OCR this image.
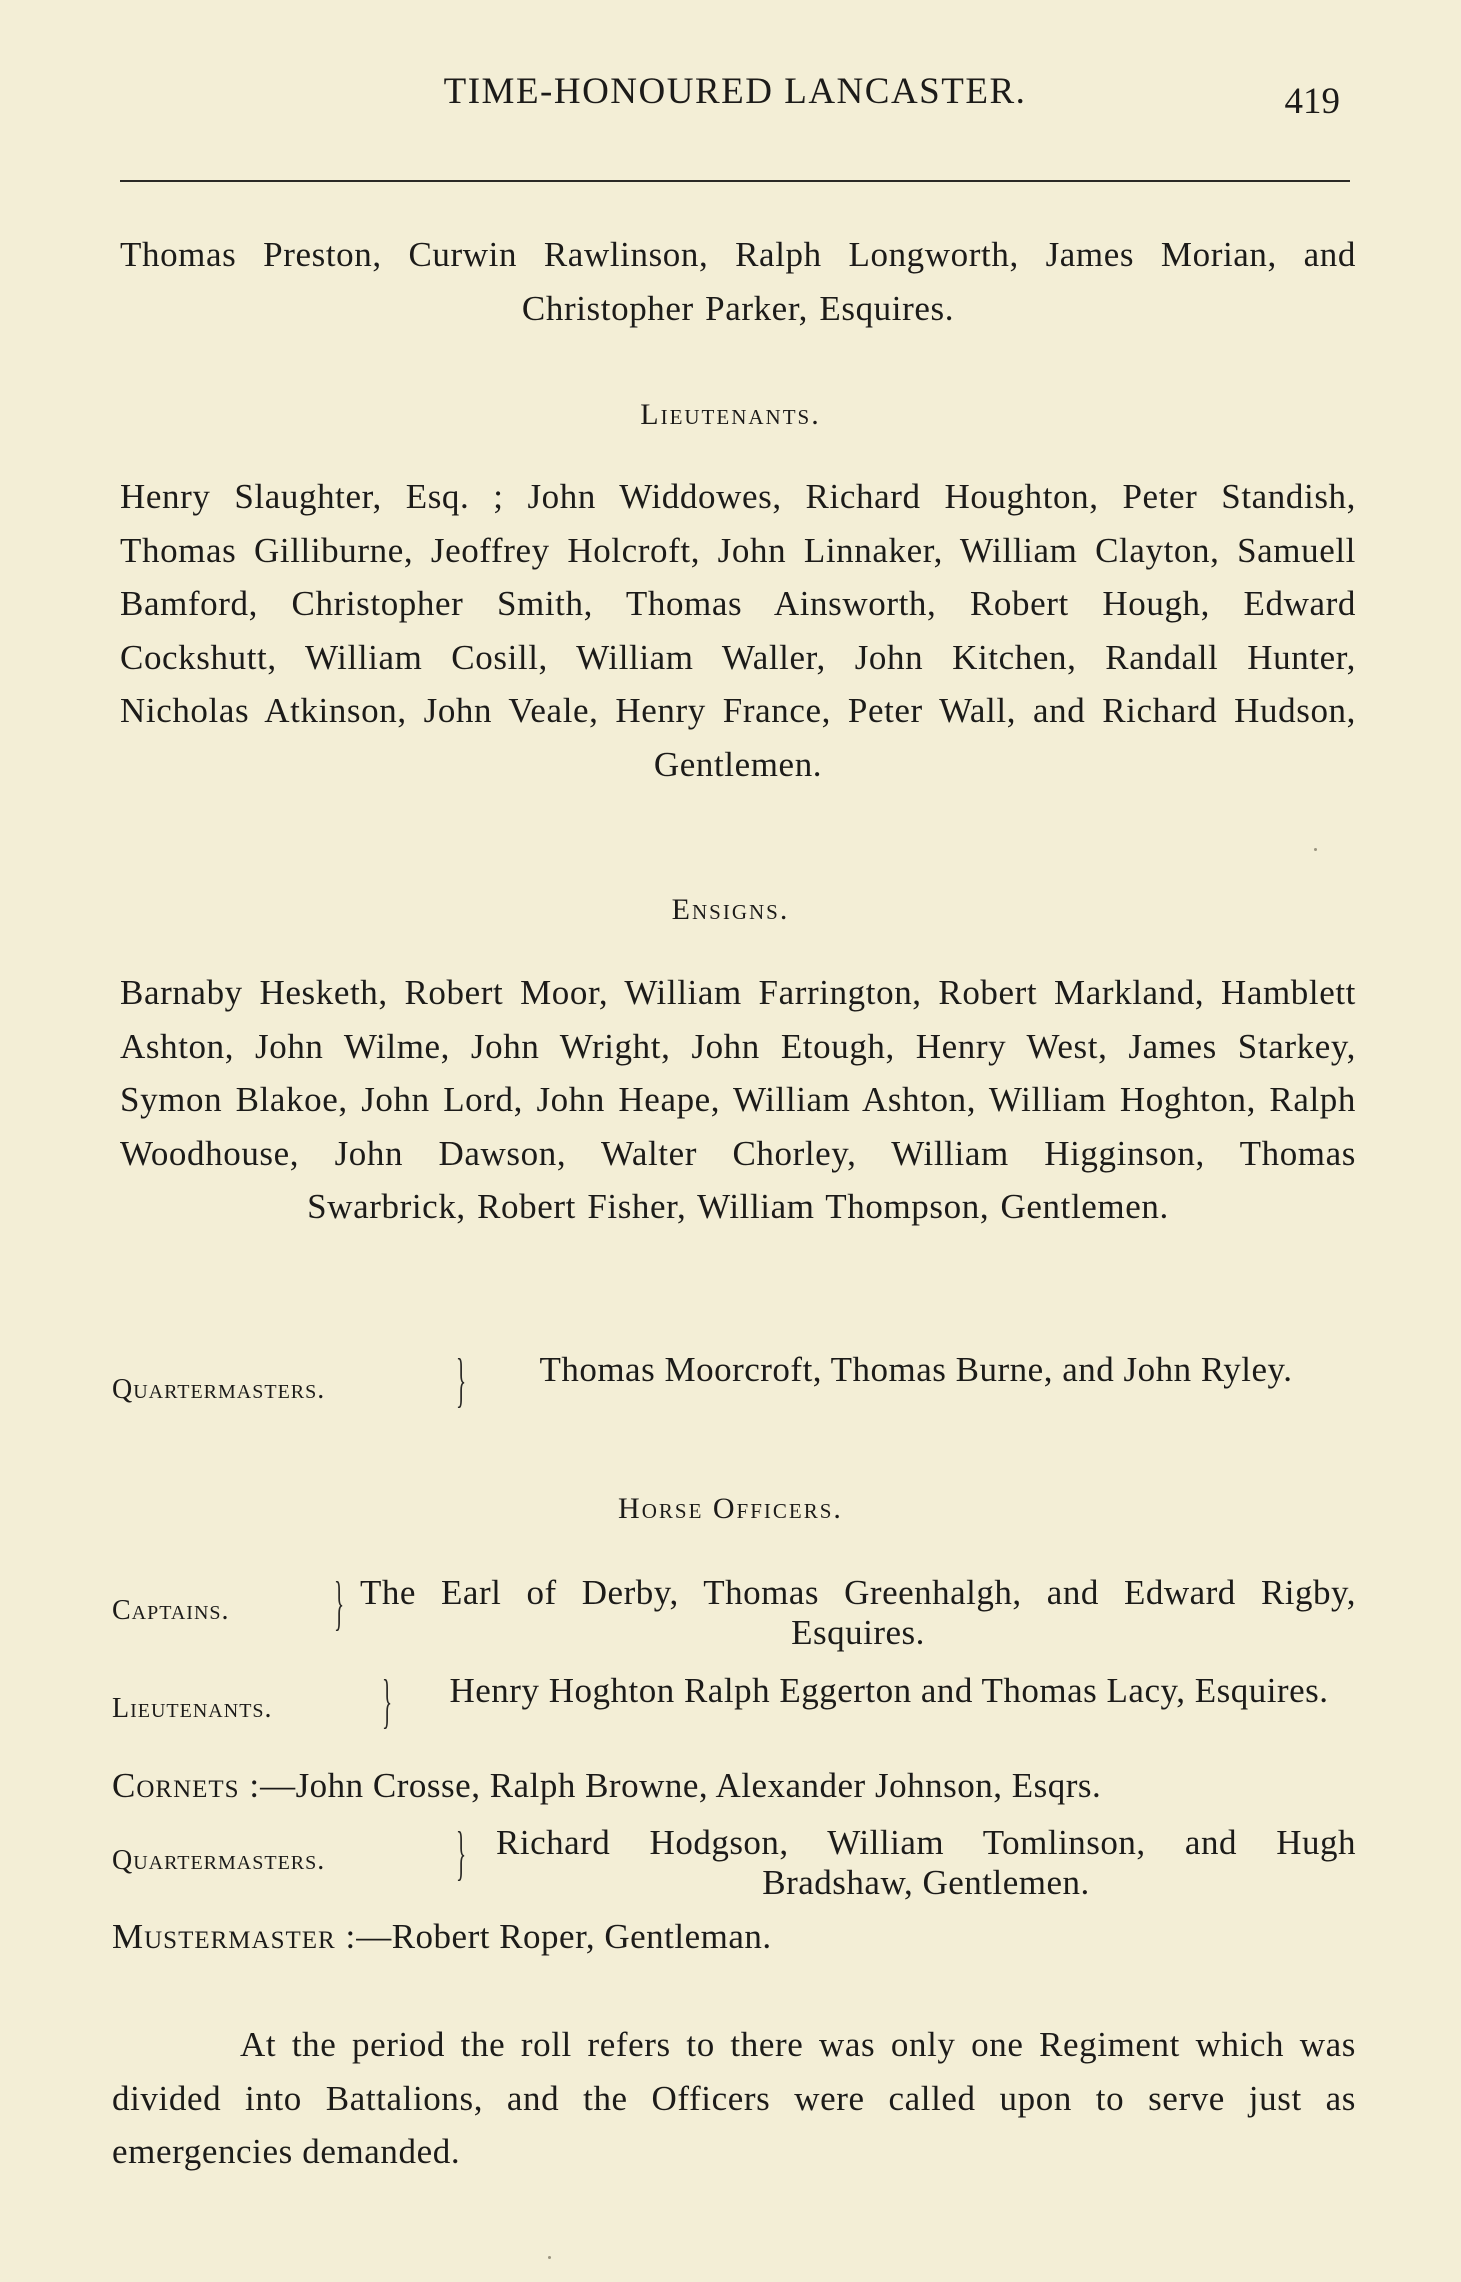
TIME-HONOURED LANCASTER.	419
Thomas Preston, Curwin Rawlinson, Ralph Longworth, James Morian, and Christopher Parker, Esquires.
Lieutenants.
Henry Slaughter, Esq. ; John Widdowes, Richard Houghton, Peter Standish, Thomas Gilliburne, Jeoffrey Holcroft, John Linnaker, William Clayton, Samuell Bamford, Christopher Smith, Thomas Ainsworth, Robert Hough, Edward Cockshutt, William Cosill, William Waller, John Kitchen, Randall Hunter, Nicholas Atkinson, John Veale, Henry France, Peter Wall, and Richard Hudson, Gentlemen.
Ensigns.
Barnaby Hesketh, Robert Moor, William Farrington, Robert Markland, Hamblett Ashton, John Wilme, John Wright, John Etough, Henry West, James Starkey, Symon Blakoe, John Lord, John Heape, William Ashton, William Hoghton, Ralph Woodhouse, John Dawson, Walter Chorley, William Higginson, Thomas Swarbrick, Robert Fisher, William Thompson, Gentlemen.
Quartermasters. }	Thomas Moorcroft, Thomas Burne, and John Ryley.
Horse Officers.
Captains. } The Earl of Derby, Thomas Greenhalgh, and Edward Rigby, Esquires.
Lieutenants. }	Henry Hoghton Ralph Eggerton and Thomas Lacy, Esquires.
Cornets :—John Crosse, Ralph Browne, Alexander Johnson, Esqrs.
Quartermasters. } Richard Hodgson, William Tomlinson, and Hugh Bradshaw, Gentlemen.
Mustermaster :—Robert Roper, Gentleman.
At the period the roll refers to there was only one Regiment which was divided into Battalions, and the Officers were called upon to serve just as emergencies demanded.
